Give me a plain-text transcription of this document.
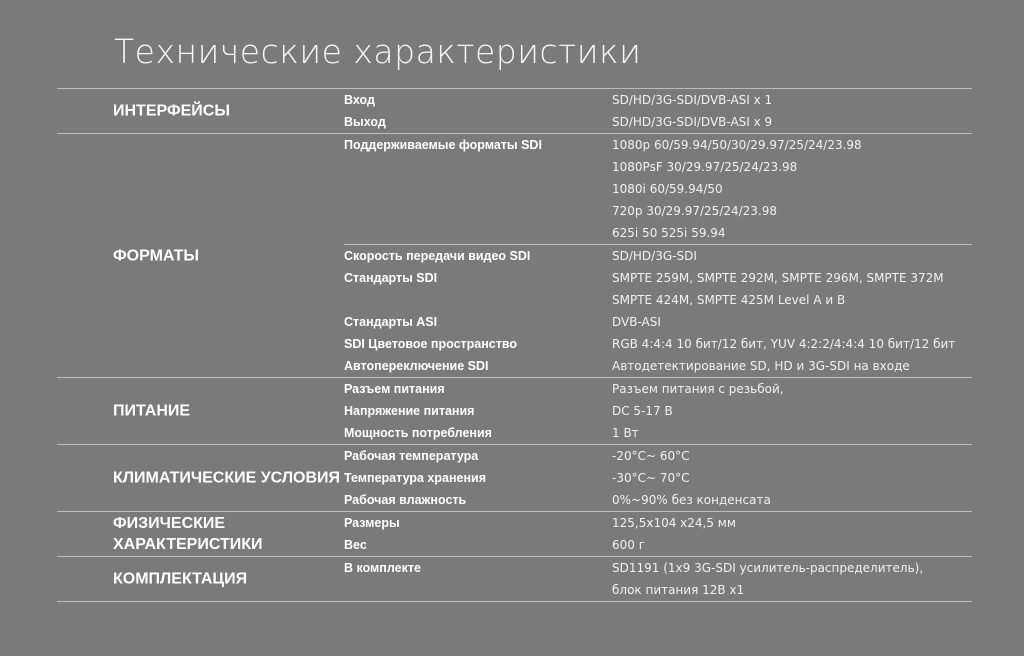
Технические характеристики
ИНТЕРФЕЙСЫ
Вход	SD/HD/3G-SDI/DVB-ASI x 1
Выход	SD/HD/3G-SDI/DVB-ASI x 9
ФОРМАТЫ
Поддерживаемые форматы SDI	1080p 60/59.94/50/30/29.97/25/24/23.98
1080PsF 30/29.97/25/24/23.98
1080i 60/59.94/50
720p 30/29.97/25/24/23.98
625i 50 525i 59.94
Скорость передачи видео SDI	SD/HD/3G-SDI
Стандарты SDI	SMPTE 259M, SMPTE 292M, SMPTE 296M, SMPTE 372M
SMPTE 424M, SMPTE 425M Level A и B
Стандарты ASI	DVB-ASI
SDI Цветовое пространство	RGB 4:4:4 10 бит/12 бит, YUV 4:2:2/4:4:4 10 бит/12 бит
Автопереключение SDI	Автодетектирование SD, HD и 3G-SDI на входе
ПИТАНИЕ
Разъем питания	Разъем питания с резьбой,
Напряжение питания	DC 5-17 В
Мощность потребления	1 Вт
КЛИМАТИЧЕСКИЕ УСЛОВИЯ
Рабочая температура	-20°C~ 60°C
Температура хранения	-30°C~ 70°C
Рабочая влажность	0%~90% без конденсата
ФИЗИЧЕСКИЕ ХАРАКТЕРИСТИКИ
Размеры	125,5x104 x24,5 мм
Вес	600 г
КОМПЛЕКТАЦИЯ
В комплекте	SD1191 (1x9 3G-SDI усилитель-распределитель),
блок питания 12В x1
